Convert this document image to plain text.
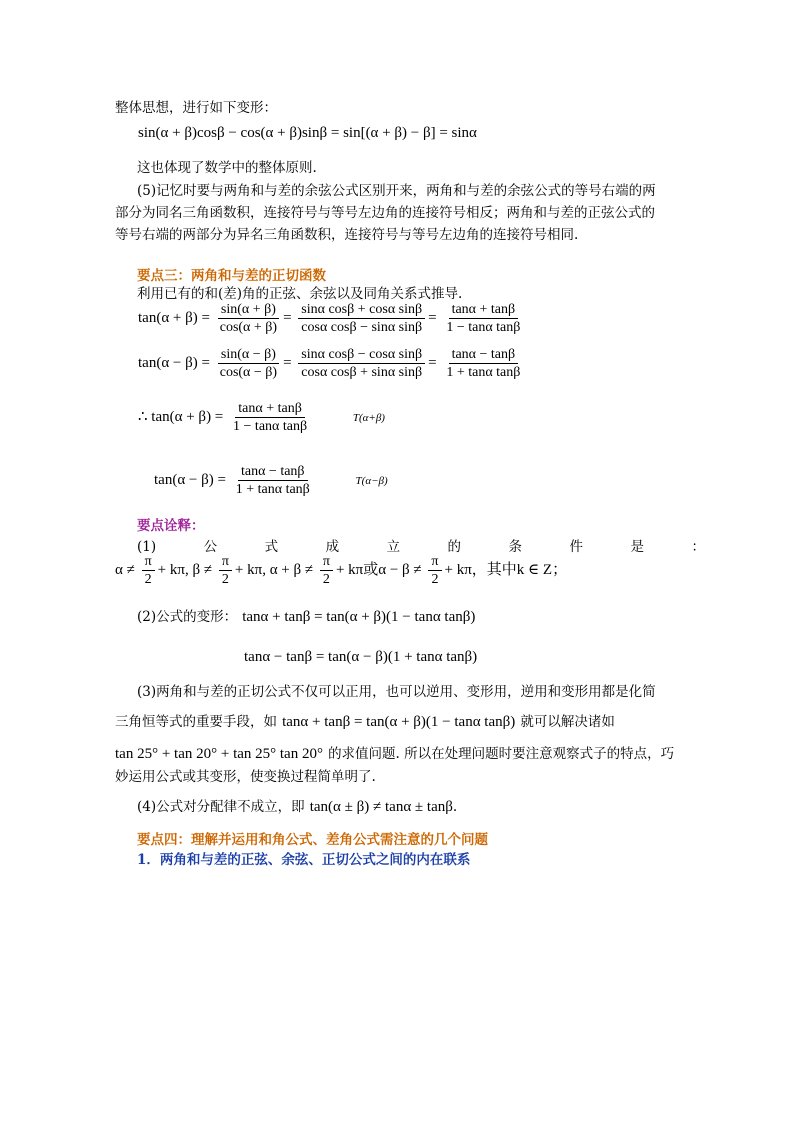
整体思想，进行如下变形：
sin(α + β)cosβ − cos(α + β)sinβ = sin[(α + β) − β] = sinα
这也体现了数学中的整体原则.
(5)记忆时要与两角和与差的余弦公式区别开来，两角和与差的余弦公式的等号右端的两
部分为同名三角函数积，连接符号与等号左边角的连接符号相反；两角和与差的正弦公式的
等号右端的两部分为异名三角函数积，连接符号与等号左边角的连接符号相同.
要点三：两角和与差的正切函数
利用已有的和(差)角的正弦、余弦以及同角关系式推导.
$\tan(\alpha + \beta) = \frac{\sin(\alpha + \beta)}{\cos(\alpha + \beta)} = \frac{\text{sinα cosβ + cosα sinβ}}{\text{cosα cosβ − sinα sinβ}} = \frac{\tan\alpha + \tan\beta}{\text{1 − tanα tanβ}}$
$\tan(\alpha - \beta) = \frac{\sin(\alpha - \beta)}{\cos(\alpha - \beta)} = \frac{\text{sinα cosβ − cosα sinβ}}{\text{cosα cosβ + sinα sinβ}} = \frac{\tan\alpha - \tan\beta}{\text{1 + tanα tanβ}}$
∴ $\tan(\alpha + \beta) = \frac{\tan\alpha + \tan\beta}{\text{1 − tanα tanβ}}$	T(α+β)
$\tan(\alpha - \beta) = \frac{\tan\alpha - \tan\beta}{\text{1 + tanα tanβ}}$	T(α−β)
要点诠释：
(1)	公	式	成	立	的	条	件	是	：
$\alpha \ne \frac{\pi}{2} + k\pi$, $\beta \ne \frac{\pi}{2} + k\pi$, $\alpha + \beta \ne \frac{\pi}{2} + k\pi$或$\alpha - \beta \ne \frac{\pi}{2} + k\pi$，其中k ∈ Z；
(2)公式的变形： tanα + tanβ = tan(α + β)(1 − tanα tanβ)
tanα − tanβ = tan(α − β)(1 + tanα tanβ)
(3)两角和与差的正切公式不仅可以正用，也可以逆用、变形用，逆用和变形用都是化简
三角恒等式的重要手段，如 tanα + tanβ = tan(α + β)(1 − tanα tanβ) 就可以解决诸如
tan 25° + tan 20° + tan 25° tan 20° 的求值问题. 所以在处理问题时要注意观察式子的特点，巧
妙运用公式或其变形，使变换过程简单明了.
(4)公式对分配律不成立，即 tan(α ± β) ≠ tanα ± tanβ.
要点四：理解并运用和角公式、差角公式需注意的几个问题
1．两角和与差的正弦、余弦、正切公式之间的内在联系
